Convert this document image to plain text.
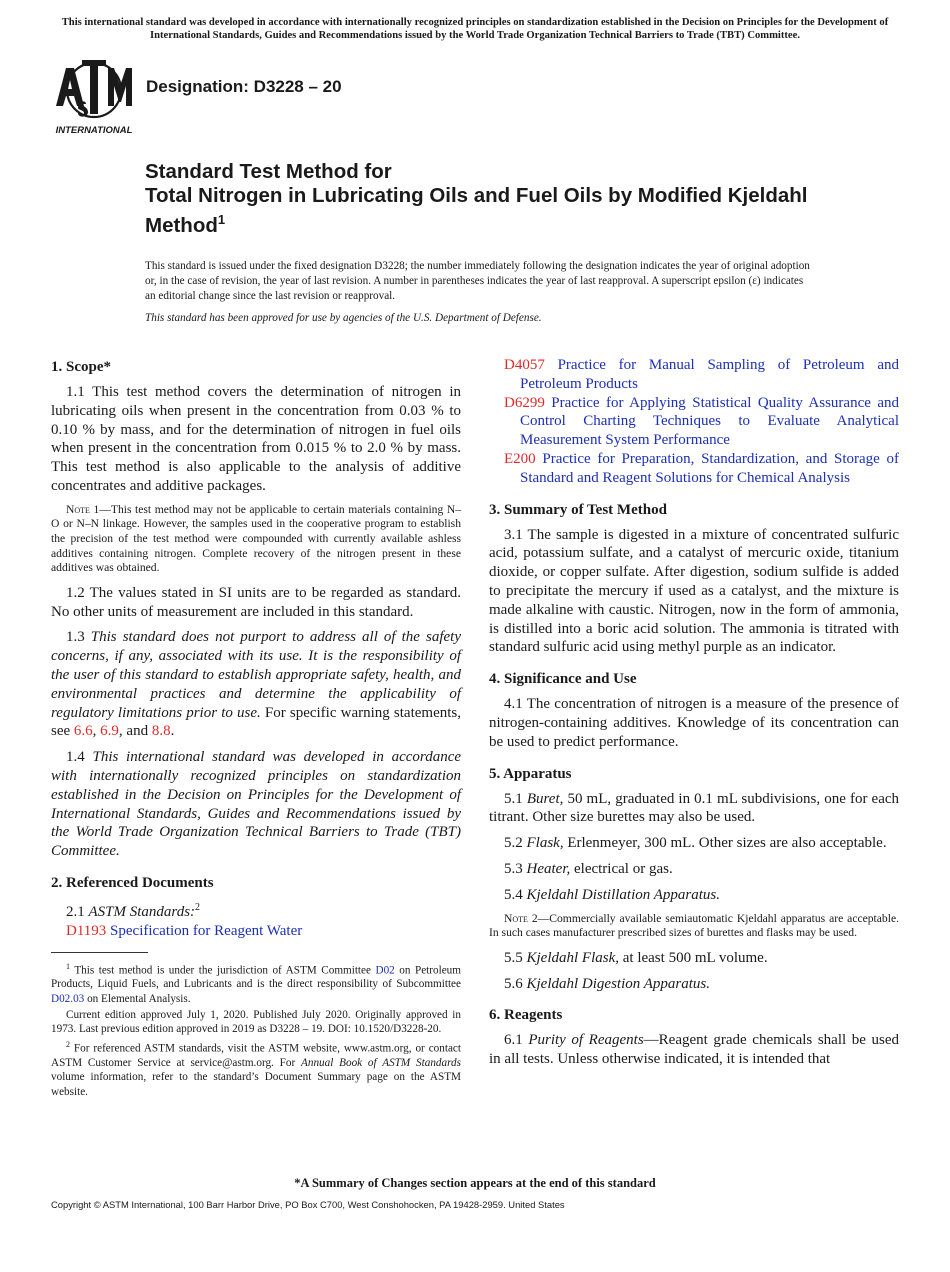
This international standard was developed in accordance with internationally recognized principles on standardization established in the Decision on Principles for the Development of International Standards, Guides and Recommendations issued by the World Trade Organization Technical Barriers to Trade (TBT) Committee.
INTERNATIONAL
Designation: D3228 – 20
Standard Test Method for
Total Nitrogen in Lubricating Oils and Fuel Oils by Modified Kjeldahl Method$^1$
This standard is issued under the fixed designation D3228; the number immediately following the designation indicates the year of original adoption or, in the case of revision, the year of last revision. A number in parentheses indicates the year of last reapproval. A superscript epsilon (ε) indicates an editorial change since the last revision or reapproval.
This standard has been approved for use by agencies of the U.S. Department of Defense.
1. Scope*

1.1 This test method covers the determination of nitrogen in lubricating oils when present in the concentration from 0.03 % to 0.10 % by mass, and for the determination of nitrogen in fuel oils when present in the concentration from 0.015 % to 2.0 % by mass. This test method is also applicable to the analysis of additive concentrates and additive packages.

Note 1—This test method may not be applicable to certain materials containing N–O or N–N linkage. However, the samples used in the cooperative program to establish the precision of the test method were compounded with currently available ashless additives containing nitrogen. Complete recovery of the nitrogen present in these additives was obtained.

1.2 The values stated in SI units are to be regarded as standard. No other units of measurement are included in this standard.

1.3 This standard does not purport to address all of the safety concerns, if any, associated with its use. It is the responsibility of the user of this standard to establish appropriate safety, health, and environmental practices and determine the applicability of regulatory limitations prior to use. For specific warning statements, see 6.6, 6.9, and 8.8.

1.4 This international standard was developed in accordance with internationally recognized principles on standardization established in the Decision on Principles for the Development of International Standards, Guides and Recommendations issued by the World Trade Organization Technical Barriers to Trade (TBT) Committee.

2. Referenced Documents

2.1 ASTM Standards:$^2$

D1193 Specification for Reagent Water

$^1$ This test method is under the jurisdiction of ASTM Committee D02 on Petroleum Products, Liquid Fuels, and Lubricants and is the direct responsibility of Subcommittee D02.03 on Elemental Analysis.
Current edition approved July 1, 2020. Published July 2020. Originally approved in 1973. Last previous edition approved in 2019 as D3228 – 19. DOI: 10.1520/D3228-20.
$^2$ For referenced ASTM standards, visit the ASTM website, www.astm.org, or contact ASTM Customer Service at service@astm.org. For Annual Book of ASTM Standards volume information, refer to the standard’s Document Summary page on the ASTM website.

D4057 Practice for Manual Sampling of Petroleum and Petroleum Products

D6299 Practice for Applying Statistical Quality Assurance and Control Charting Techniques to Evaluate Analytical Measurement System Performance

E200 Practice for Preparation, Standardization, and Storage of Standard and Reagent Solutions for Chemical Analysis

3. Summary of Test Method

3.1 The sample is digested in a mixture of concentrated sulfuric acid, potassium sulfate, and a catalyst of mercuric oxide, titanium dioxide, or copper sulfate. After digestion, sodium sulfide is added to precipitate the mercury if used as a catalyst, and the mixture is made alkaline with caustic. Nitrogen, now in the form of ammonia, is distilled into a boric acid solution. The ammonia is titrated with standard sulfuric acid using methyl purple as an indicator.

4. Significance and Use

4.1 The concentration of nitrogen is a measure of the presence of nitrogen-containing additives. Knowledge of its concentration can be used to predict performance.

5. Apparatus

5.1 Buret, 50 mL, graduated in 0.1 mL subdivisions, one for each titrant. Other size burettes may also be used.

5.2 Flask, Erlenmeyer, 300 mL. Other sizes are also acceptable.

5.3 Heater, electrical or gas.

5.4 Kjeldahl Distillation Apparatus.

Note 2—Commercially available semiautomatic Kjeldahl apparatus are acceptable. In such cases manufacturer prescribed sizes of burettes and flasks may be used.

5.5 Kjeldahl Flask, at least 500 mL volume.

5.6 Kjeldahl Digestion Apparatus.

6. Reagents

6.1 Purity of Reagents—Reagent grade chemicals shall be used in all tests. Unless otherwise indicated, it is intended that

*A Summary of Changes section appears at the end of this standard
Copyright © ASTM International, 100 Barr Harbor Drive, PO Box C700, West Conshohocken, PA 19428-2959. United States
